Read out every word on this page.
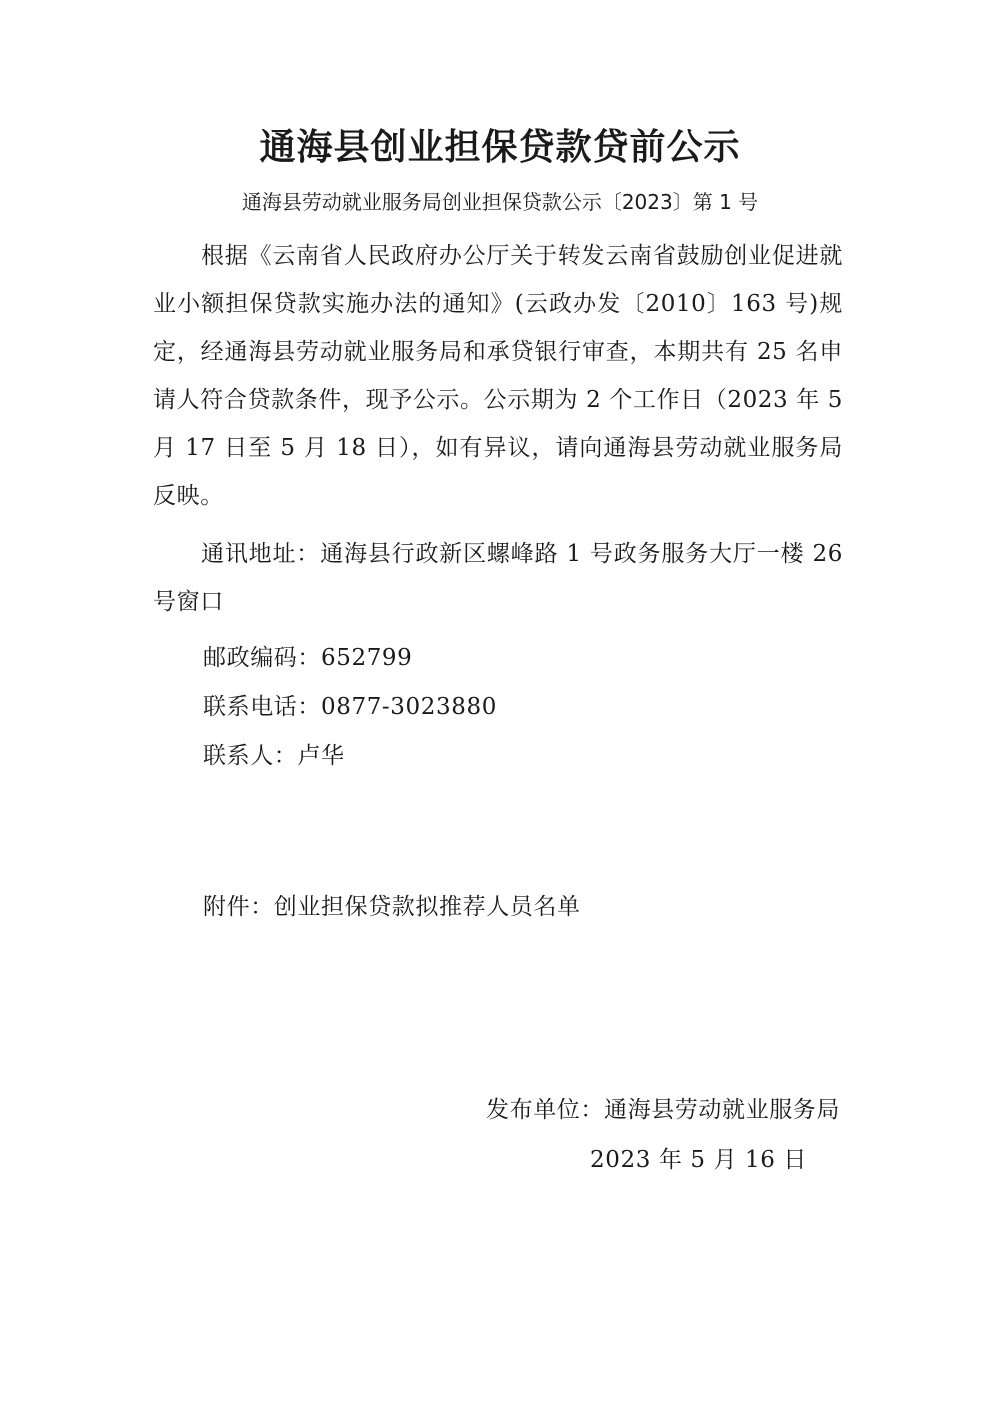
通海县创业担保贷款贷前公示
通海县劳动就业服务局创业担保贷款公示〔2023〕第 1 号
根据《云南省人民政府办公厅关于转发云南省鼓励创业促进就业小额担保贷款实施办法的通知》(云政办发〔2010〕163 号)规定，经通海县劳动就业服务局和承贷银行审查，本期共有 25 名申请人符合贷款条件，现予公示。公示期为 2 个工作日（2023 年 5 月 17 日至 5 月 18 日），如有异议，请向通海县劳动就业服务局反映。
通讯地址：通海县行政新区螺峰路 1 号政务服务大厅一楼 26 号窗口
邮政编码：652799
联系电话：0877-3023880
联系人：卢华
附件：创业担保贷款拟推荐人员名单
发布单位：通海县劳动就业服务局
2023 年 5 月 16 日
